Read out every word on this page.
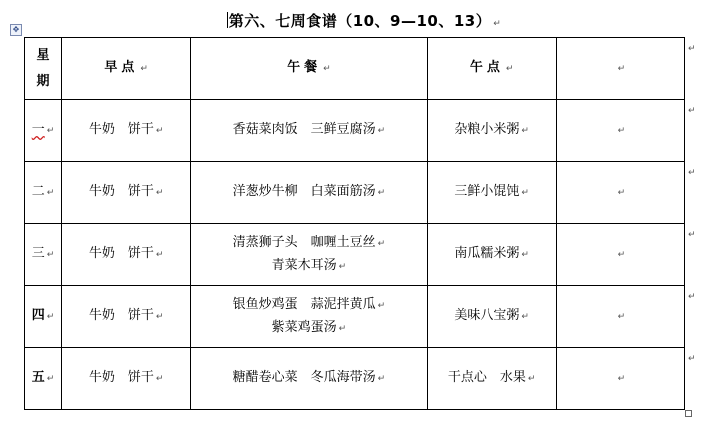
第六、七周食谱（10、9—10、13） ↵
✥
星
期	早点 ↵	午餐 ↵	午点 ↵	↵
一 ↵	牛奶　饼干 ↵	香菇菜肉饭　三鲜豆腐汤 ↵	杂粮小米粥 ↵	↵
二 ↵	牛奶　饼干 ↵	洋葱炒牛柳　白菜面筋汤 ↵	三鲜小馄饨 ↵	↵
三 ↵	牛奶　饼干 ↵	清蒸狮子头　咖喱土豆丝 ↵
青菜木耳汤 ↵	南瓜糯米粥 ↵	↵
四 ↵	牛奶　饼干 ↵	银鱼炒鸡蛋　蒜泥拌黄瓜 ↵
紫菜鸡蛋汤 ↵	美味八宝粥 ↵	↵
五 ↵	牛奶　饼干 ↵	糖醋卷心菜　冬瓜海带汤 ↵	干点心　水果 ↵	↵
↵
↵
↵
↵
↵
↵
